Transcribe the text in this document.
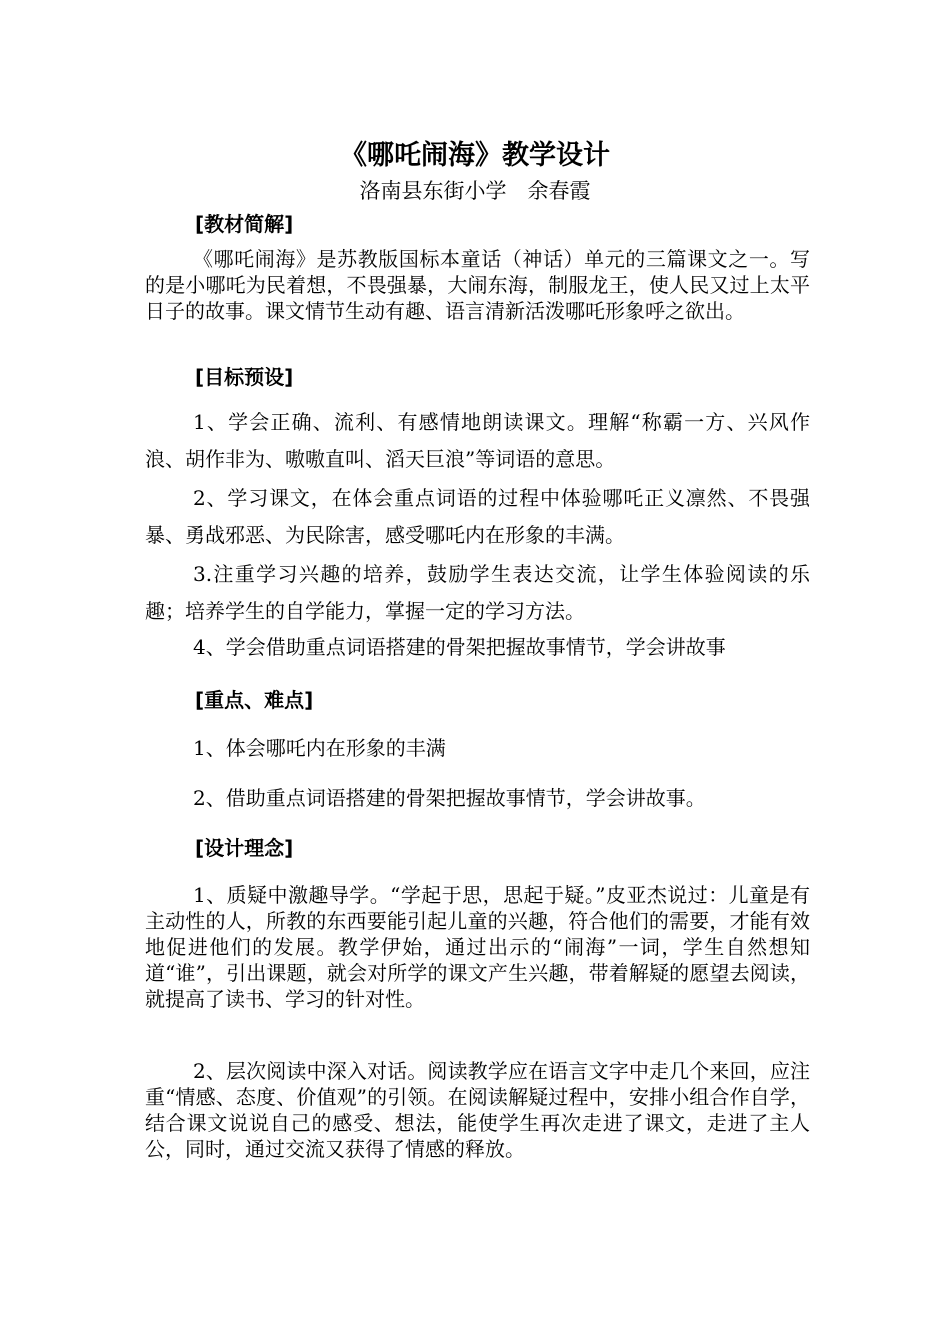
《哪吒闹海》教学设计
洛南县东街小学　余春霞
[教材简解]
《哪吒闹海》是苏教版国标本童话（神话）单元的三篇课文之一。写的是小哪吒为民着想，不畏强暴，大闹东海，制服龙王，使人民又过上太平日子的故事。课文情节生动有趣、语言清新活泼哪吒形象呼之欲出。
[目标预设]
1、学会正确、流利、有感情地朗读课文。理解“称霸一方、兴风作浪、胡作非为、嗷嗷直叫、滔天巨浪”等词语的意思。
2、学习课文，在体会重点词语的过程中体验哪吒正义凛然、不畏强暴、勇战邪恶、为民除害，感受哪吒内在形象的丰满。
3.注重学习兴趣的培养，鼓励学生表达交流，让学生体验阅读的乐趣；培养学生的自学能力，掌握一定的学习方法。
4、学会借助重点词语搭建的骨架把握故事情节，学会讲故事
[重点、难点]
1、体会哪吒内在形象的丰满
2、借助重点词语搭建的骨架把握故事情节，学会讲故事。
[设计理念]
1、质疑中激趣导学。“学起于思，思起于疑。”皮亚杰说过：儿童是有主动性的人，所教的东西要能引起儿童的兴趣，符合他们的需要，才能有效地促进他们的发展。教学伊始，通过出示的“闹海”一词，学生自然想知道“谁”，引出课题，就会对所学的课文产生兴趣，带着解疑的愿望去阅读，就提高了读书、学习的针对性。
2、层次阅读中深入对话。阅读教学应在语言文字中走几个来回，应注重“情感、态度、价值观”的引领。在阅读解疑过程中，安排小组合作自学，结合课文说说自己的感受、想法，能使学生再次走进了课文，走进了主人公，同时，通过交流又获得了情感的释放。
